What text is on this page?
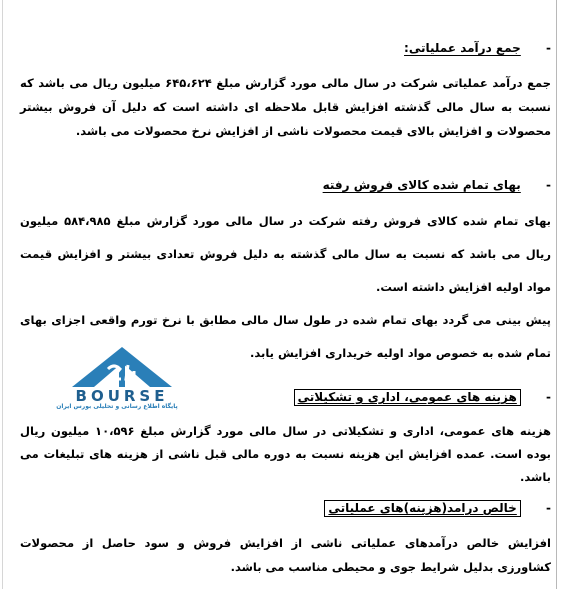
- جمع درآمد عملیاتی:

جمع درآمد عملیاتی شرکت در سال مالی مورد گزارش مبلغ ۶۴۵،۶۲۴ میلیون ریال می باشد که نسبت به سال مالی گذشته افزایش قابل ملاحظه ای داشته است که دلیل آن فروش بیشتر محصولات و افزایش بالای قیمت محصولات ناشی از افزایش نرخ محصولات می باشد.

- بهای تمام شده کالای فروش رفته

بهای تمام شده کالای فروش رفته شرکت در سال مالی مورد گزارش مبلغ ۵۸۴،۹۸۵ میلیون ریال می باشد که نسبت به سال مالی گذشته به دلیل فروش تعدادی بیشتر و افزایش قیمت مواد اولیه افزایش داشته است.

پیش بینی می گردد بهای تمام شده در طول سال مالی مطابق با نرخ تورم واقعی اجزای بهای تمام شده به خصوص مواد اولیه خریداری افزایش یابد.

- هزینه های عمومی، اداری و تشکیلاتی

هزینه های عمومی، اداری و تشکیلاتی در سال مالی مورد گزارش مبلغ ۱۰،۵۹۶ میلیون ریال بوده است. عمده افزایش این هزینه نسبت به دوره مالی قبل ناشی از هزینه های تبلیغات می باشد.

- خالص درامد(هزینه)های عملیاتی

افزایش خالص درآمدهای عملیاتی ناشی از افزایش فروش و سود حاصل از محصولات کشاورزی بدلیل شرایط جوی و محیطی مناسب می باشد.

BOURSE
پایگاه اطلاع رسانی و تحلیلی بورس ایران
